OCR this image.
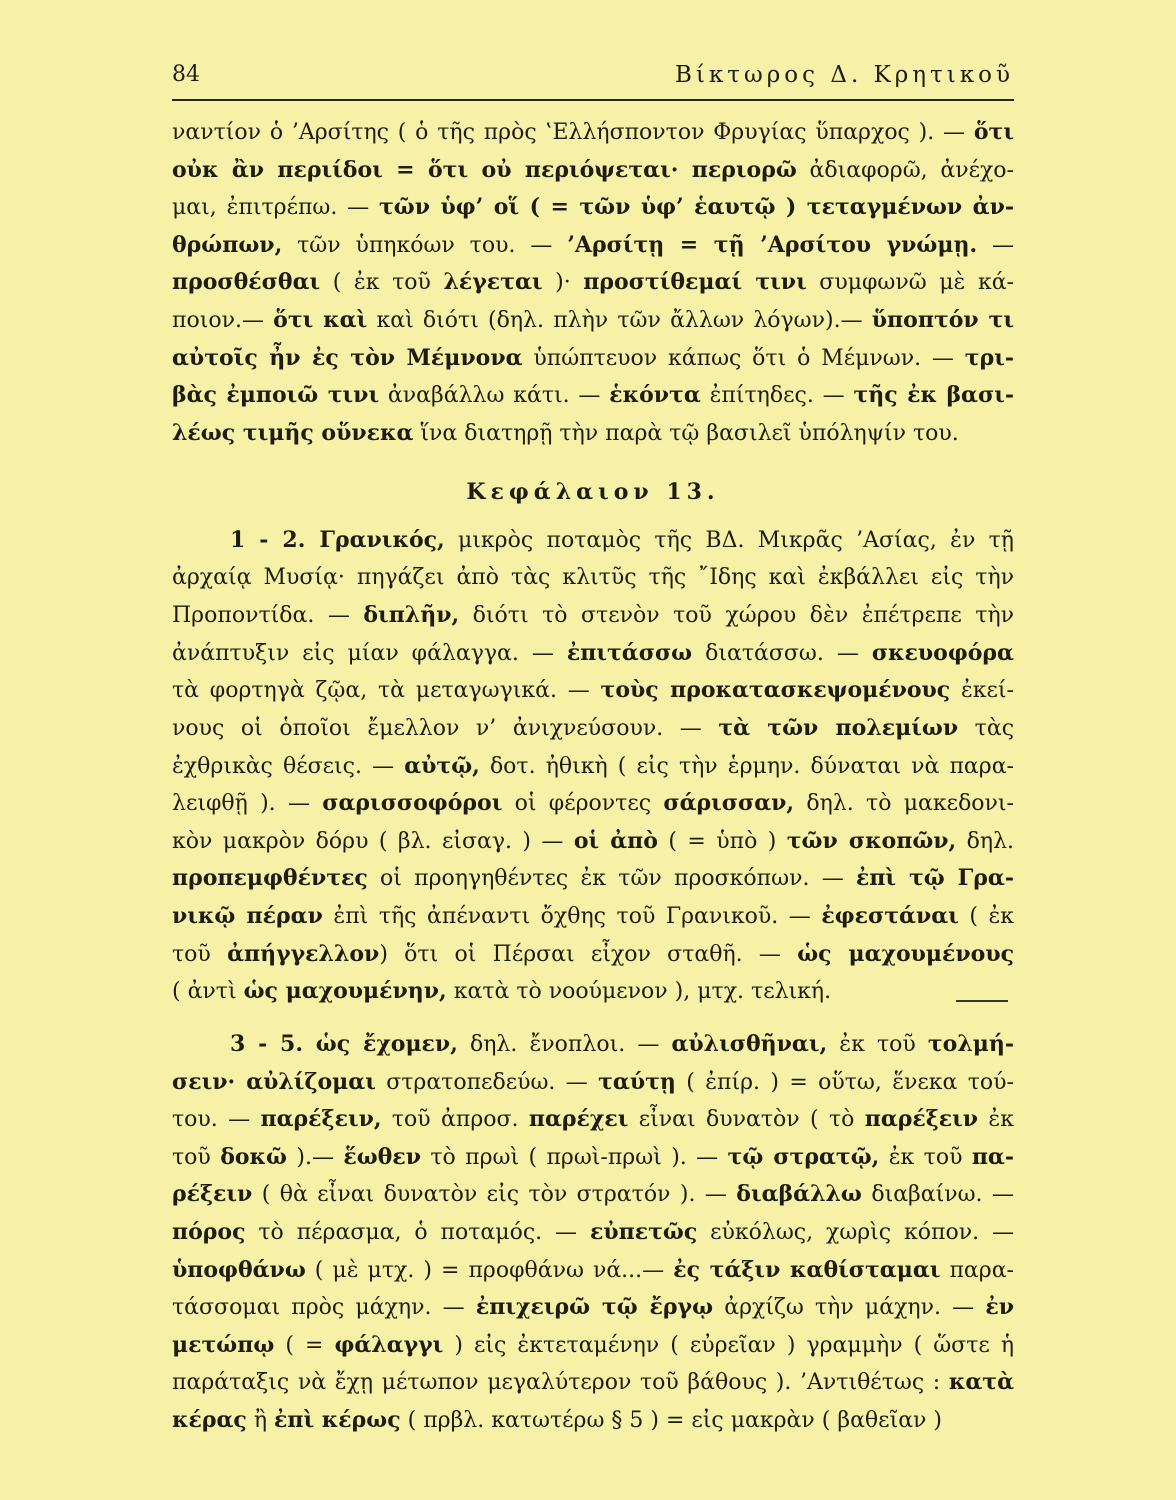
84	Βίκτωρος Δ. Κρητικοῦ
ναντίον ὁ ’Αρσίτης ( ὁ τῆς πρὸς ‛Ελλήσποντον Φρυγίας ὕπαρχος ). — ὅτι
οὐκ ἂν περιίδοι = ὅτι οὐ περιόψεται· περιορῶ ἀδιαφορῶ, ἀνέχο-
μαι, ἐπιτρέπω. — τῶν ὑφ’ οἵ ( = τῶν ὑφ’ ἑαυτῷ ) τεταγμένων ἀν-
θρώπων, τῶν ὑπηκόων του. — ’Αρσίτῃ = τῇ ’Αρσίτου γνώμῃ. —
προσθέσθαι ( ἐκ τοῦ λέγεται )· προστίθεμαί τινι συμφωνῶ μὲ κά-
ποιον.— ὅτι καὶ καὶ διότι (δηλ. πλὴν τῶν ἄλλων λόγων).— ὕποπτόν τι
αὐτοῖς ἦν ἐς τὸν Μέμνονα ὑπώπτευον κάπως ὅτι ὁ Μέμνων. — τρι-
βὰς ἐμποιῶ τινι ἀναβάλλω κάτι. — ἑκόντα ἐπίτηδες. — τῆς ἐκ βασι-
λέως τιμῆς οὕνεκα ἵνα διατηρῇ τὴν παρὰ τῷ βασιλεῖ ὑπόληψίν του.
Κεφάλαιον 13.
1 - 2. Γρανικός, μικρὸς ποταμὸς τῆς ΒΔ. Μικρᾶς ’Ασίας, ἐν τῇ
ἀρχαίᾳ Μυσίᾳ· πηγάζει ἀπὸ τὰς κλιτῦς τῆς ῎Ιδης καὶ ἐκβάλλει εἰς τὴν
Προποντίδα. — διπλῆν, διότι τὸ στενὸν τοῦ χώρου δὲν ἐπέτρεπε τὴν
ἀνάπτυξιν εἰς μίαν φάλαγγα. — ἐπιτάσσω διατάσσω. — σκευοφόρα
τὰ φορτηγὰ ζῷα, τὰ μεταγωγικά. — τοὺς προκατασκεψομένους ἐκεί-
νους οἱ ὁποῖοι ἔμελλον ν’ ἀνιχνεύσουν. — τὰ τῶν πολεμίων τὰς
ἐχθρικὰς θέσεις. — αὐτῷ, δοτ. ἠθικὴ ( εἰς τὴν ἑρμην. δύναται νὰ παρα-
λειφθῇ ). — σαρισσοφόροι οἱ φέροντες σάρισσαν, δηλ. τὸ μακεδονι-
κὸν μακρὸν δόρυ ( βλ. εἰσαγ. ) — οἱ ἀπὸ ( = ὑπὸ ) τῶν σκοπῶν, δηλ.
προπεμφθέντες οἱ προηγηθέντες ἐκ τῶν προσκόπων. — ἐπὶ τῷ Γρα-
νικῷ πέραν ἐπὶ τῆς ἀπέναντι ὄχθης τοῦ Γρανικοῦ. — ἐφεστάναι ( ἐκ
τοῦ ἀπήγγελλον) ὅτι οἱ Πέρσαι εἶχον σταθῆ. — ὡς μαχουμένους
( ἀντὶ ὡς μαχουμένην, κατὰ τὸ νοούμενον ), μτχ. τελική.
3 - 5. ὡς ἔχομεν, δηλ. ἔνοπλοι. — αὐλισθῆναι, ἐκ τοῦ τολμή-
σειν· αὐλίζομαι στρατοπεδεύω. — ταύτῃ ( ἐπίρ. ) = οὕτω, ἕνεκα τού-
του. — παρέξειν, τοῦ ἀπροσ. παρέχει εἶναι δυνατὸν ( τὸ παρέξειν ἐκ
τοῦ δοκῶ ).— ἕωθεν τὸ πρωὶ ( πρωὶ-πρωὶ ). — τῷ στρατῷ, ἐκ τοῦ πα-
ρέξειν ( θὰ εἶναι δυνατὸν εἰς τὸν στρατόν ). — διαβάλλω διαβαίνω. —
πόρος τὸ πέρασμα, ὁ ποταμός. — εὐπετῶς εὐκόλως, χωρὶς κόπον. —
ὑποφθάνω ( μὲ μτχ. ) = προφθάνω νά...— ἐς τάξιν καθίσταμαι παρα-
τάσσομαι πρὸς μάχην. — ἐπιχειρῶ τῷ ἔργῳ ἀρχίζω τὴν μάχην. — ἐν
μετώπῳ ( = φάλαγγι ) εἰς ἐκτεταμένην ( εὐρεῖαν ) γραμμὴν ( ὥστε ἡ
παράταξις νὰ ἔχῃ μέτωπον μεγαλύτερον τοῦ βάθους ). ’Αντιθέτως : κατὰ
κέρας ἢ ἐπὶ κέρως ( πρβλ. κατωτέρω § 5 ) = εἰς μακρὰν ( βαθεῖαν )
